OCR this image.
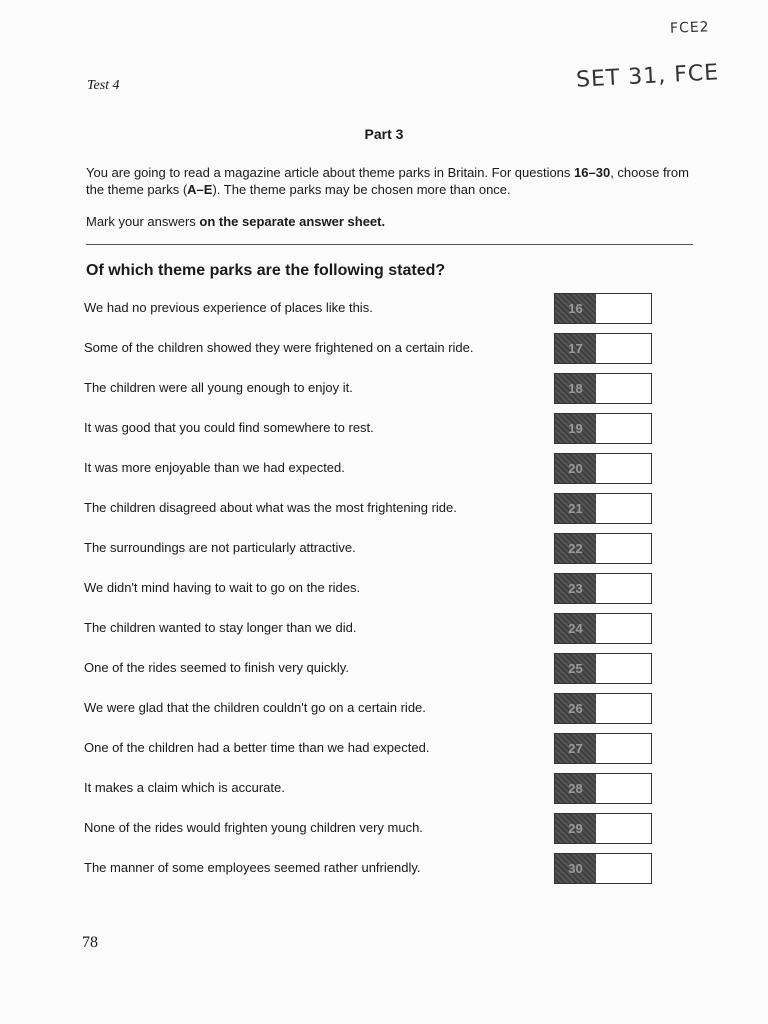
FCE2
SET 31, FCE
Test 4
Part 3
You are going to read a magazine article about theme parks in Britain. For questions 16–30, choose from the theme parks (A–E). The theme parks may be chosen more than once.
Mark your answers on the separate answer sheet.
Of which theme parks are the following stated?
We had no previous experience of places like this.	16
Some of the children showed they were frightened on a certain ride.	17
The children were all young enough to enjoy it.	18
It was good that you could find somewhere to rest.	19
It was more enjoyable than we had expected.	20
The children disagreed about what was the most frightening ride.	21
The surroundings are not particularly attractive.	22
We didn't mind having to wait to go on the rides.	23
The children wanted to stay longer than we did.	24
One of the rides seemed to finish very quickly.	25
We were glad that the children couldn't go on a certain ride.	26
One of the children had a better time than we had expected.	27
It makes a claim which is accurate.	28
None of the rides would frighten young children very much.	29
The manner of some employees seemed rather unfriendly.	30
78
